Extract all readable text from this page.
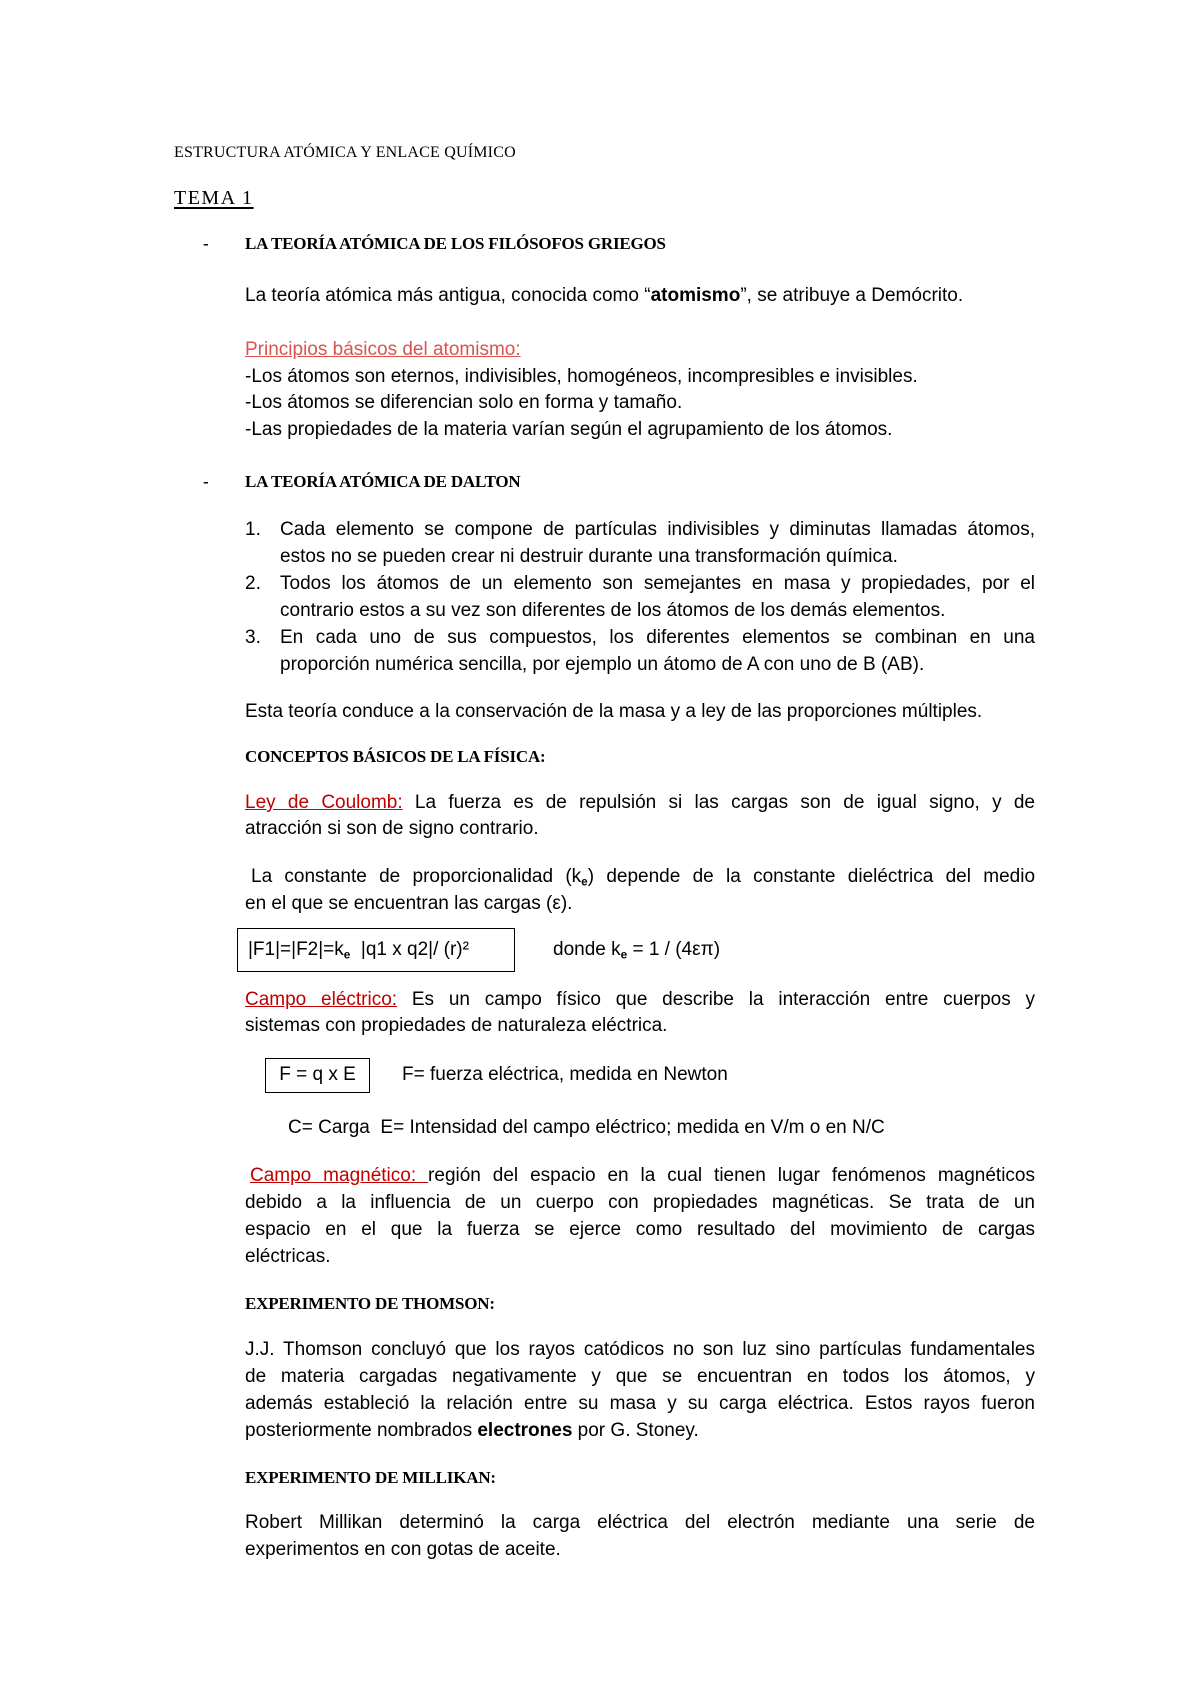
ESTRUCTURA ATÓMICA Y ENLACE QUÍMICO
TEMA 1
- LA TEORÍA ATÓMICA DE LOS FILÓSOFOS GRIEGOS
La teoría atómica más antigua, conocida como “atomismo”, se atribuye a Demócrito.
Principios básicos del atomismo:
-Los átomos son eternos, indivisibles, homogéneos, incompresibles e invisibles.
-Los átomos se diferencian solo en forma y tamaño.
-Las propiedades de la materia varían según el agrupamiento de los átomos.
- LA TEORÍA ATÓMICA DE DALTON
1. Cada elemento se compone de partículas indivisibles y diminutas llamadas átomos,
estos no se pueden crear ni destruir durante una transformación química.
2. Todos los átomos de un elemento son semejantes en masa y propiedades, por el
contrario estos a su vez son diferentes de los átomos de los demás elementos.
3. En cada uno de sus compuestos, los diferentes elementos se combinan en una
proporción numérica sencilla, por ejemplo un átomo de A con uno de B (AB).
Esta teoría conduce a la conservación de la masa y a ley de las proporciones múltiples.
CONCEPTOS BÁSICOS DE LA FÍSICA:
Ley de Coulomb: La fuerza es de repulsión si las cargas son de igual signo, y de
atracción si son de signo contrario.
La constante de proporcionalidad $(k_e)$ depende de la constante dieléctrica del medio
en el que se encuentran las cargas (ε).
$|F1|=|F2|=k_e$  |q1 x q2|/ (r)²	donde $k_e = 1 / (4\varepsilon\pi)$
Campo eléctrico: Es un campo físico que describe la interacción entre cuerpos y
sistemas con propiedades de naturaleza eléctrica.
F = q x E	F= fuerza eléctrica, medida en Newton
C= Carga  E= Intensidad del campo eléctrico; medida en V/m o en N/C
Campo magnético: región del espacio en la cual tienen lugar fenómenos magnéticos
debido a la influencia de un cuerpo con propiedades magnéticas. Se trata de un
espacio en el que la fuerza se ejerce como resultado del movimiento de cargas
eléctricas.
EXPERIMENTO DE THOMSON:
J.J. Thomson concluyó que los rayos catódicos no son luz sino partículas fundamentales
de materia cargadas negativamente y que se encuentran en todos los átomos, y
además estableció la relación entre su masa y su carga eléctrica. Estos rayos fueron
posteriormente nombrados electrones por G. Stoney.
EXPERIMENTO DE MILLIKAN:
Robert Millikan determinó la carga eléctrica del electrón mediante una serie de
experimentos en con gotas de aceite.
